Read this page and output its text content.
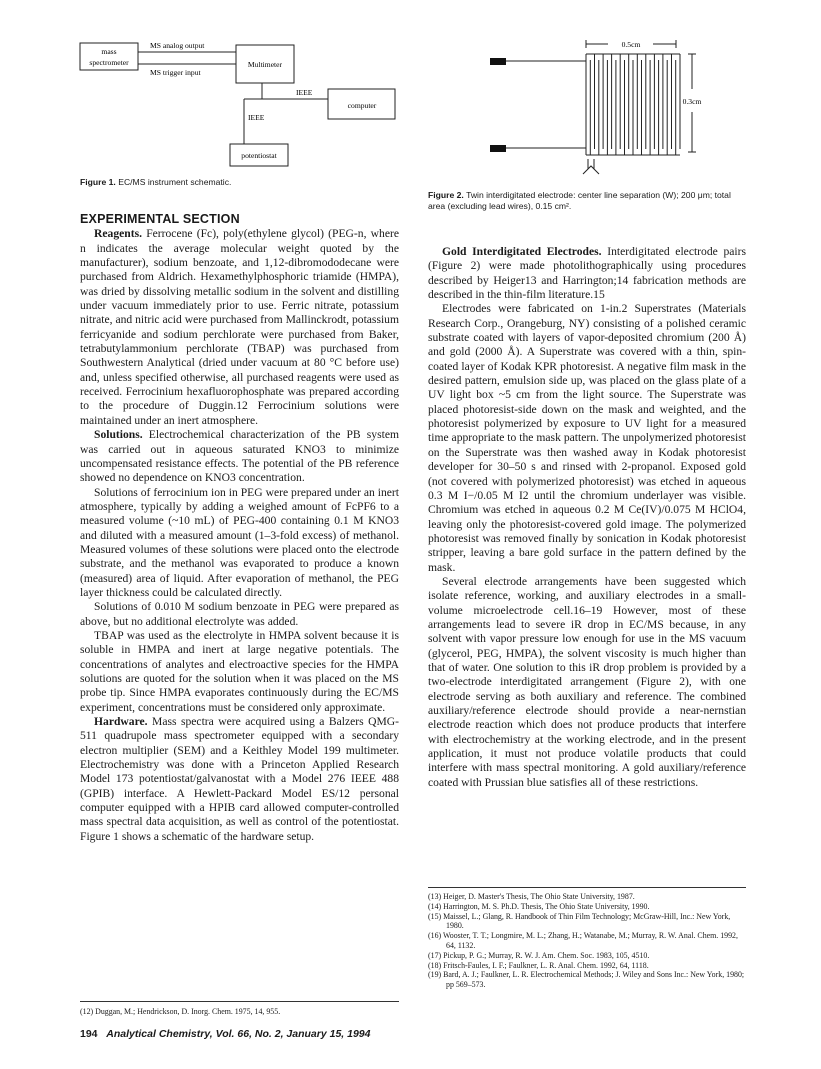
mass
spectrometer
MS analog output
Multimeter
MS trigger input
IEEE
computer
IEEE
potentiostat
Figure 1. EC/MS instrument schematic.
0.5cm
0.3cm
Figure 2. Twin interdigitated electrode: center line separation (W); 200 μm; total area (excluding lead wires), 0.15 cm².
EXPERIMENTAL SECTION

Reagents. Ferrocene (Fc), poly(ethylene glycol) (PEG-n, where n indicates the average molecular weight quoted by the manufacturer), sodium benzoate, and 1,12-dibromododecane were purchased from Aldrich. Hexamethylphosphoric triamide (HMPA), was dried by dissolving metallic sodium in the solvent and distilling under vacuum immediately prior to use. Ferric nitrate, potassium nitrate, and nitric acid were purchased from Mallinckrodt, potassium ferricyanide and sodium perchlorate were purchased from Baker, tetrabutylammonium perchlorate (TBAP) was purchased from Southwestern Analytical (dried under vacuum at 80 °C before use) and, unless specified otherwise, all purchased reagents were used as received. Ferrocinium hexafluorophosphate was prepared according to the procedure of Duggin.12 Ferrocinium solutions were maintained under an inert atmosphere.

Solutions. Electrochemical characterization of the PB system was carried out in aqueous saturated KNO3 to minimize uncompensated resistance effects. The potential of the PB reference showed no dependence on KNO3 concentration.

Solutions of ferrocinium ion in PEG were prepared under an inert atmosphere, typically by adding a weighed amount of FcPF6 to a measured volume (~10 mL) of PEG-400 containing 0.1 M KNO3 and diluted with a measured amount (1–3-fold excess) of methanol. Measured volumes of these solutions were placed onto the electrode substrate, and the methanol was evaporated to produce a known (measured) area of liquid. After evaporation of methanol, the PEG layer thickness could be calculated directly.

Solutions of 0.010 M sodium benzoate in PEG were prepared as above, but no additional electrolyte was added.

TBAP was used as the electrolyte in HMPA solvent because it is soluble in HMPA and inert at large negative potentials. The concentrations of analytes and electroactive species for the HMPA solutions are quoted for the solution when it was placed on the MS probe tip. Since HMPA evaporates continuously during the EC/MS experiment, concentrations must be considered only approximate.

Hardware. Mass spectra were acquired using a Balzers QMG-511 quadrupole mass spectrometer equipped with a secondary electron multiplier (SEM) and a Keithley Model 199 multimeter. Electrochemistry was done with a Princeton Applied Research Model 173 potentiostat/galvanostat with a Model 276 IEEE 488 (GPIB) interface. A Hewlett-Packard Model ES/12 personal computer equipped with a HPIB card allowed computer-controlled mass spectral data acquisition, as well as control of the potentiostat. Figure 1 shows a schematic of the hardware setup.

(12) Duggan, M.; Hendrickson, D. Inorg. Chem. 1975, 14, 955.

Gold Interdigitated Electrodes. Interdigitated electrode pairs (Figure 2) were made photolithographically using procedures described by Heiger13 and Harrington;14 fabrication methods are described in the thin-film literature.15

Electrodes were fabricated on 1-in.2 Superstrates (Materials Research Corp., Orangeburg, NY) consisting of a polished ceramic substrate coated with layers of vapor-deposited chromium (200 Å) and gold (2000 Å). A Superstrate was covered with a thin, spin-coated layer of Kodak KPR photoresist. A negative film mask in the desired pattern, emulsion side up, was placed on the glass plate of a UV light box ~5 cm from the light source. The Superstrate was placed photoresist-side down on the mask and weighted, and the photoresist polymerized by exposure to UV light for a measured time appropriate to the mask pattern. The unpolymerized photoresist on the Superstrate was then washed away in Kodak photoresist developer for 30–50 s and rinsed with 2-propanol. Exposed gold (not covered with polymerized photoresist) was etched in aqueous 0.3 M I−/0.05 M I2 until the chromium underlayer was visible. Chromium was etched in aqueous 0.2 M Ce(IV)/0.075 M HClO4, leaving only the photoresist-covered gold image. The polymerized photoresist was removed finally by sonication in Kodak photoresist stripper, leaving a bare gold surface in the pattern defined by the mask.

Several electrode arrangements have been suggested which isolate reference, working, and auxiliary electrodes in a small-volume microelectrode cell.16–19 However, most of these arrangements lead to severe iR drop in EC/MS because, in any solvent with vapor pressure low enough for use in the MS vacuum (glycerol, PEG, HMPA), the solvent viscosity is much higher than that of water. One solution to this iR drop problem is provided by a two-electrode interdigitated arrangement (Figure 2), with one electrode serving as both auxiliary and reference. The combined auxiliary/reference electrode should provide a near-nernstian electrode reaction which does not produce products that interfere with electrochemistry at the working electrode, and in the present application, it must not produce volatile products that could interfere with mass spectral monitoring. A gold auxiliary/reference coated with Prussian blue satisfies all of these restrictions.

(13) Heiger, D. Master's Thesis, The Ohio State University, 1987.
(14) Harrington, M. S. Ph.D. Thesis, The Ohio State University, 1990.
(15) Maissel, L.; Glang, R. Handbook of Thin Film Technology; McGraw-Hill, Inc.: New York, 1980.
(16) Wooster, T. T.; Longmire, M. L.; Zhang, H.; Watanabe, M.; Murray, R. W. Anal. Chem. 1992, 64, 1132.
(17) Pickup, P. G.; Murray, R. W. J. Am. Chem. Soc. 1983, 105, 4510.
(18) Fritsch-Faules, I. F.; Faulkner, L. R. Anal. Chem. 1992, 64, 1118.
(19) Bard, A. J.; Faulkner, L. R. Electrochemical Methods; J. Wiley and Sons Inc.: New York, 1980; pp 569–573.
194 Analytical Chemistry, Vol. 66, No. 2, January 15, 1994
